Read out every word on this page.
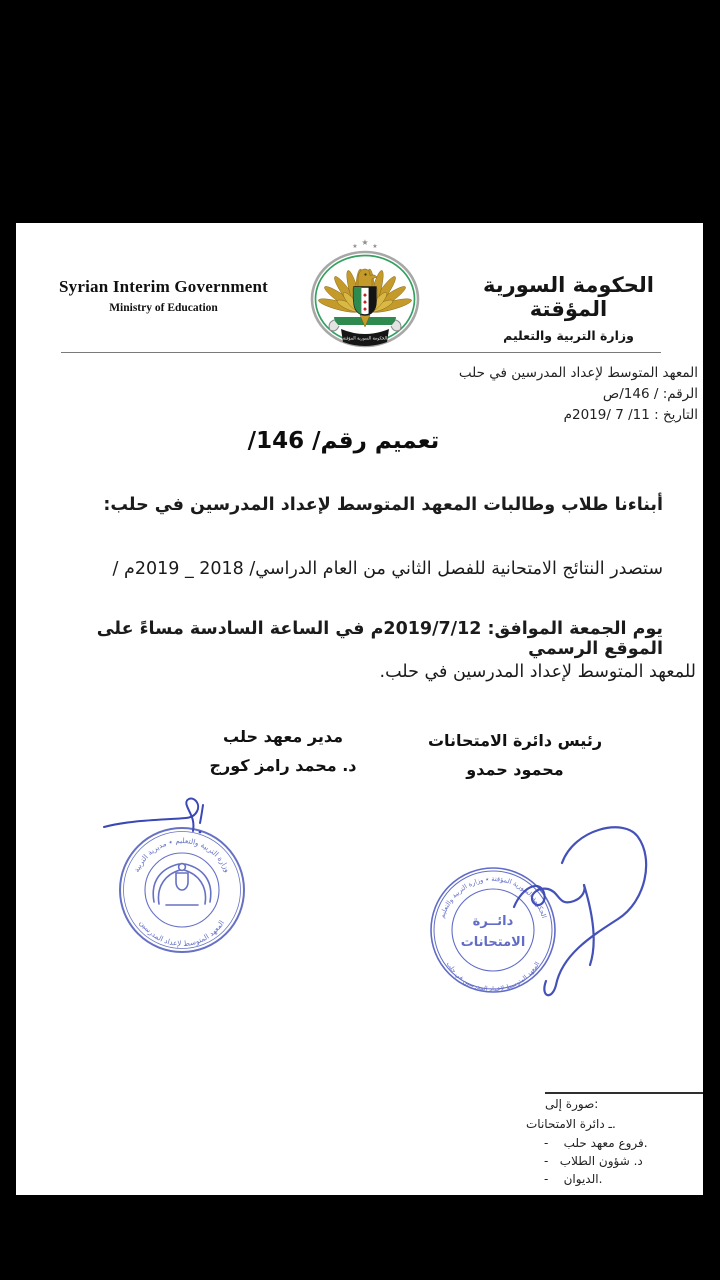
Syrian Interim Government
Ministry of Education
★ ★ ★
الحكومة السورية المؤقتة
الحكومة السورية المؤقتة
وزارة التربية والتعليم
المعهد المتوسط لإعداد المدرسين في حلب
الرقم: / 146/ص
التاريخ : 11/ 7 /2019م
تعميم رقم/ 146/
أبناءنا طلاب وطالبات المعهد المتوسط لإعداد المدرسين في حلب:
ستصدر النتائج الامتحانية للفصل الثاني من العام الدراسي/ 2018 _ 2019م /
يوم الجمعة الموافق: 2019/7/12م في الساعة السادسة مساءً على الموقع الرسمي
للمعهد المتوسط لإعداد المدرسين في حلب.
رئيس دائرة الامتحانات
محمود حمدو
مدير معهد حلب
د. محمد رامز كورج
وزارة التربية والتعليم ٭ مديرية التربية
المعهد المتوسط لإعداد المدرسين
الحكومة السورية المؤقتة ٭ وزارة التربية والتعليم
المعهد المتوسط لإعداد المدرسين في حلب
دائــرة
الامتحانات
صورة إلى:
ـ دائرة الامتحانات.
-    فروع معهد حلب.
-   د. شؤون الطلاب
-    الديوان.
